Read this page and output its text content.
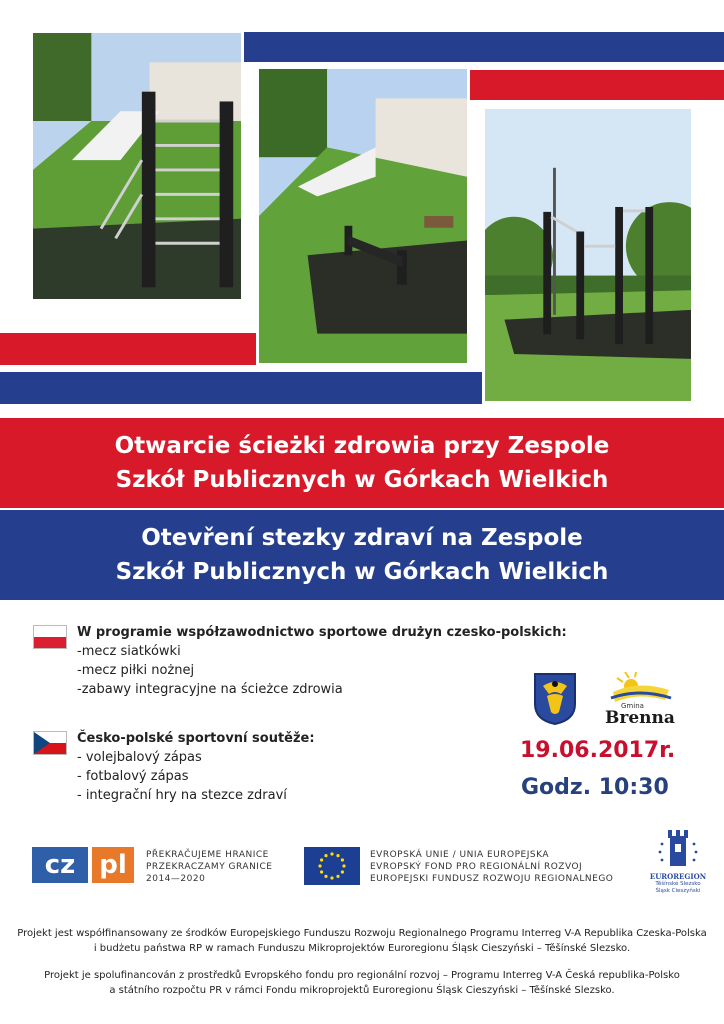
Otwarcie ścieżki zdrowia przy Zespole
Szkół Publicznych w Górkach Wielkich
Otevření stezky zdraví na Zespole
Szkół Publicznych w Górkach Wielkich
W programie współzawodnictwo sportowe drużyn czesko-polskich:
-mecz siatkówki
-mecz piłki nożnej
-zabawy integracyjne na ścieżce zdrowia
Česko-polské sportovní soutěže:
- volejbalový zápas
- fotbalový zápas
- integrační hry na stezce zdraví
Gmina
Brenna
19.06.2017r.
Godz. 10:30
cz pl	PŘEKRAČUJEME HRANICE
PRZEKRACZAMY GRANICE
2014—2020
EVROPSKÁ UNIE / UNIA EUROPEJSKA
EVROPSKÝ FOND PRO REGIONÁLNÍ ROZVOJ
EUROPEJSKI FUNDUSZ ROZWOJU REGIONALNEGO	EUROREGION
Těšínské Slezsko
Śląsk Cieszyński
Projekt jest współfinansowany ze środków Europejskiego Funduszu Rozwoju Regionalnego Programu Interreg V-A Republika Czeska-Polska
i budżetu państwa RP w ramach Funduszu Mikroprojektów Euroregionu Śląsk Cieszyński – Těšínské Slezsko.
Projekt je spolufinancován z prostředků Evropského fondu pro regionální rozvoj – Programu Interreg V-A Česká republika-Polsko
a státního rozpočtu PR v rámci Fondu mikroprojektů Euroregionu Śląsk Cieszyński – Těšínské Slezsko.
